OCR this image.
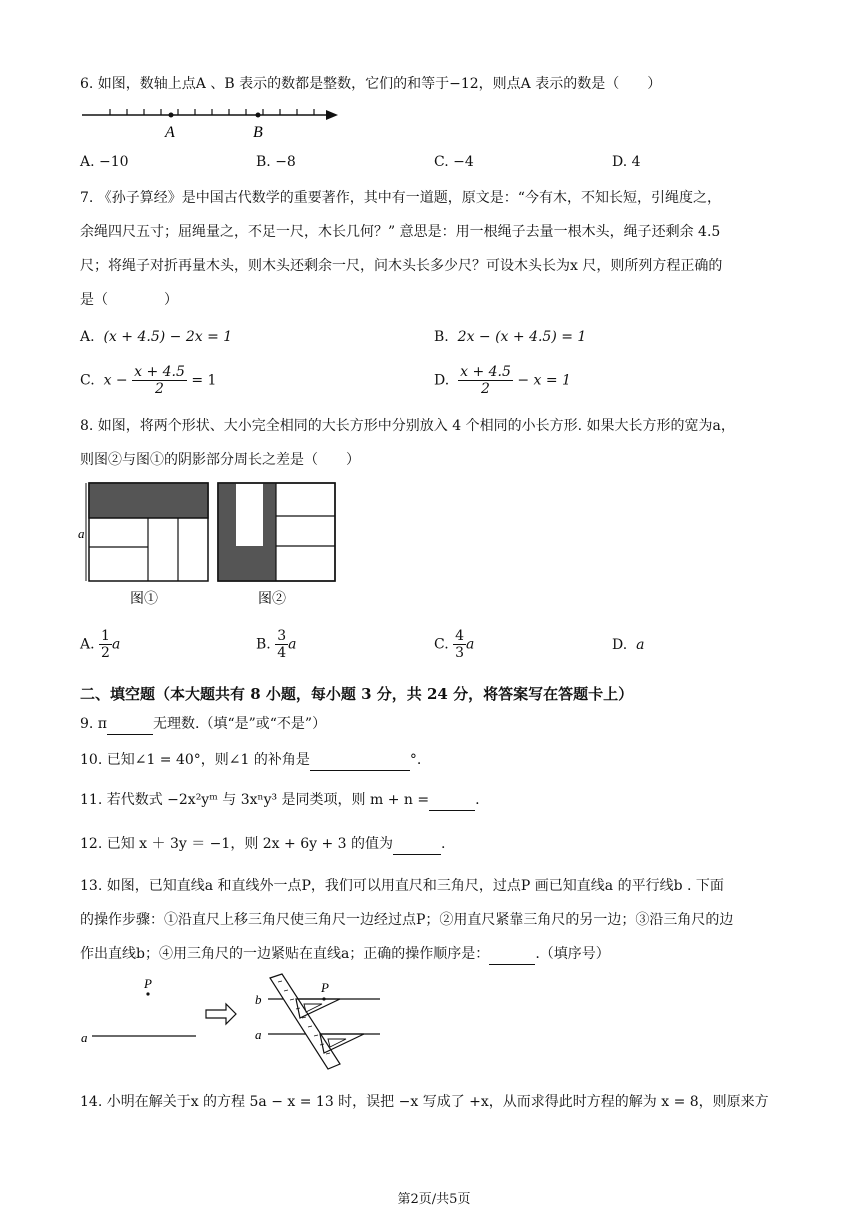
6. 如图，数轴上点A 、B 表示的数都是整数，它们的和等于−12，则点A 表示的数是（　　）
A	B
A. −10	B. −8	C. −4	D. 4
7. 《孙子算经》是中国古代数学的重要著作，其中有一道题，原文是：“今有木，不知长短，引绳度之，
余绳四尺五寸；屈绳量之，不足一尺，木长几何？” 意思是：用一根绳子去量一根木头，绳子还剩余 4.5
尺；将绳子对折再量木头，则木头还剩余一尺，问木头长多少尺？可设木头长为x 尺，则所列方程正确的
是（　　　　）
A. (x + 4.5) − 2x = 1	B. 2x − (x + 4.5) = 1
C. $x - \frac{x + 4.5}{2} = 1$	D. $\frac{x + 4.5}{2} - x = 1$
8. 如图，将两个形状、大小完全相同的大长方形中分别放入 4 个相同的小长方形. 如果大长方形的宽为a，
则图②与图①的阴影部分周长之差是（　　）
a
图①	图②
A. $\frac{1}{2}$ a	B. $\frac{3}{4}$ a	C. $\frac{4}{3}$ a	D. a
二、填空题（本大题共有 8 小题，每小题 3 分，共 24 分，将答案写在答题卡上）
9. π	无理数.（填“是”或“不是”）
10. 已知∠1 = 40°，则∠1 的补角是	°.
11. 若代数式 −2x²yᵐ 与 3xⁿy³ 是同类项，则 m + n =	.
12. 已知 x ＋ 3y ＝ −1，则 2x + 6y + 3 的值为	.
13. 如图，已知直线a 和直线外一点P，我们可以用直尺和三角尺，过点P 画已知直线a 的平行线b . 下面
的操作步骤：①沿直尺上移三角尺使三角尺一边经过点P；②用直尺紧靠三角尺的另一边；③沿三角尺的边
作出直线b；④用三角尺的一边紧贴在直线a；正确的操作顺序是：	.（填序号）
P
a
b
a
P
14. 小明在解关于x 的方程 5a − x = 13 时，误把 −x 写成了 +x，从而求得此时方程的解为 x = 8，则原来方
第2页/共5页
